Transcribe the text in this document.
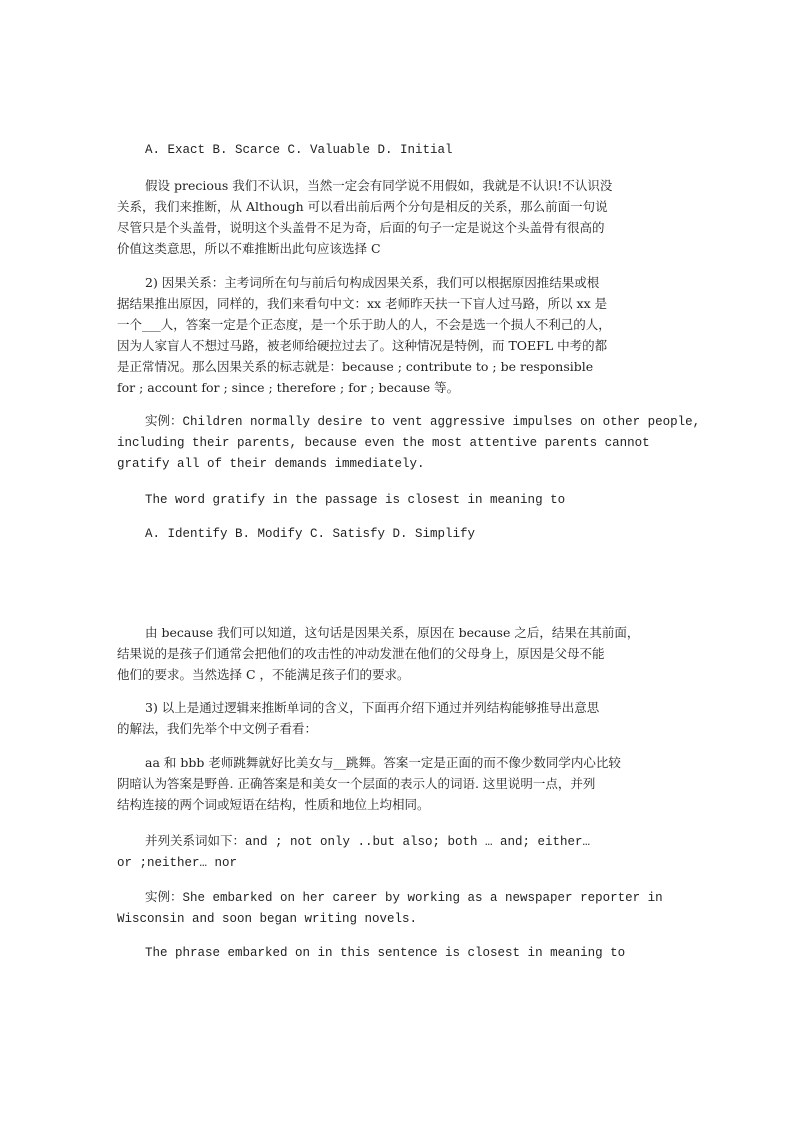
A. Exact B. Scarce C. Valuable D. Initial
假设 precious 我们不认识，当然一定会有同学说不用假如，我就是不认识!不认识没
关系，我们来推断，从 Although 可以看出前后两个分句是相反的关系，那么前面一句说
尽管只是个头盖骨，说明这个头盖骨不足为奇，后面的句子一定是说这个头盖骨有很高的
价值这类意思，所以不难推断出此句应该选择 C
2) 因果关系：主考词所在句与前后句构成因果关系，我们可以根据原因推结果或根
据结果推出原因，同样的，我们来看句中文：xx 老师昨天扶一下盲人过马路，所以 xx 是
一个___人，答案一定是个正态度，是一个乐于助人的人，不会是选一个损人不利己的人，
因为人家盲人不想过马路，被老师给硬拉过去了。这种情况是特例，而 TOEFL 中考的都
是正常情况。那么因果关系的标志就是：because ; contribute to ; be responsible
for ; account for ; since ; therefore ; for ; because 等。
实例：Children normally desire to vent aggressive impulses on other people,
including their parents, because even the most attentive parents cannot
gratify all of their demands immediately.
The word gratify in the passage is closest in meaning to
A. Identify B. Modify C. Satisfy D. Simplify
由 because 我们可以知道，这句话是因果关系，原因在 because 之后，结果在其前面，
结果说的是孩子们通常会把他们的攻击性的冲动发泄在他们的父母身上，原因是父母不能
他们的要求。当然选择 C ，不能满足孩子们的要求。
3) 以上是通过逻辑来推断单词的含义，下面再介绍下通过并列结构能够推导出意思
的解法，我们先举个中文例子看看：
aa 和 bbb 老师跳舞就好比美女与__跳舞。答案一定是正面的而不像少数同学内心比较
阴暗认为答案是野兽. 正确答案是和美女一个层面的表示人的词语. 这里说明一点，并列
结构连接的两个词或短语在结构，性质和地位上均相同。
并列关系词如下：and ; not only ..but also; both … and; either…
or ;neither… nor
实例：She embarked on her career by working as a newspaper reporter in
Wisconsin and soon began writing novels.
The phrase embarked on in this sentence is closest in meaning to
